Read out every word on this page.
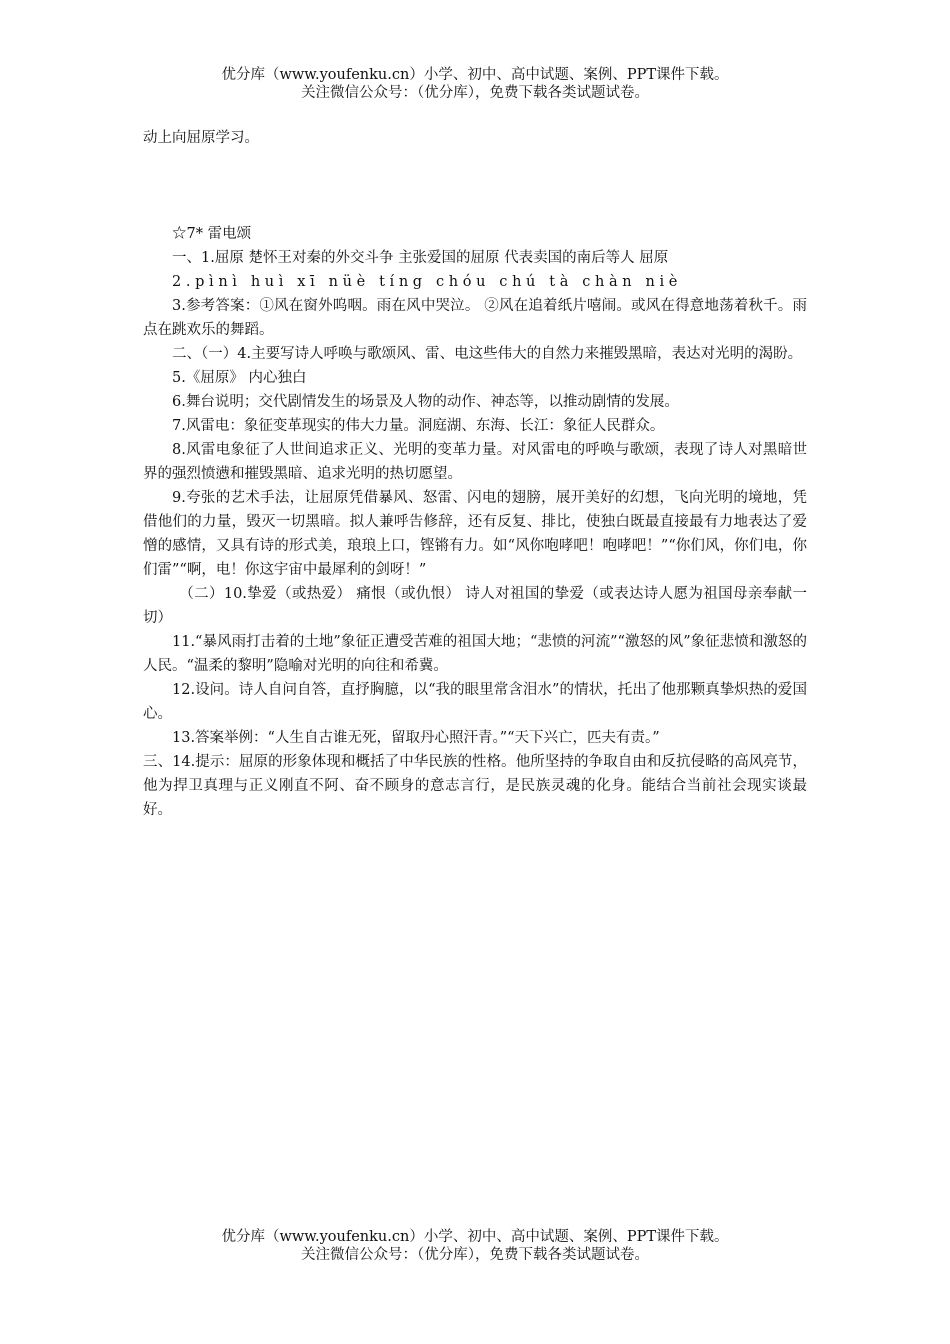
优分库（www.youfenku.cn）小学、初中、高中试题、案例、PPT课件下载。
关注微信公众号：（优分库），免费下载各类试题试卷。

动上向屈原学习。

☆7* 雷电颂

一、1.屈原 楚怀王对秦的外交斗争 主张爱国的屈原 代表卖国的南后等人 屈原

2.pìnì huì xī nüè tíng chóu chú tà chàn niè

3.参考答案：①风在窗外呜咽。雨在风中哭泣。 ②风在追着纸片嘻闹。或风在得意地荡着秋千。雨点在跳欢乐的舞蹈。

二、（一）4.主要写诗人呼唤与歌颂风、雷、电这些伟大的自然力来摧毁黑暗，表达对光明的渴盼。

5.《屈原》 内心独白

6.舞台说明；交代剧情发生的场景及人物的动作、神态等，以推动剧情的发展。

7.风雷电：象征变革现实的伟大力量。洞庭湖、东海、长江：象征人民群众。

8.风雷电象征了人世间追求正义、光明的变革力量。对风雷电的呼唤与歌颂，表现了诗人对黑暗世界的强烈愤懑和摧毁黑暗、追求光明的热切愿望。

9.夸张的艺术手法，让屈原凭借暴风、怒雷、闪电的翅膀，展开美好的幻想，飞向光明的境地，凭借他们的力量，毁灭一切黑暗。拟人兼呼告修辞，还有反复、排比，使独白既最直接最有力地表达了爱憎的感情，又具有诗的形式美，琅琅上口，铿锵有力。如“风你咆哮吧！咆哮吧！”“你们风，你们电，你们雷”“啊，电！你这宇宙中最犀利的剑呀！”

（二）10.挚爱（或热爱） 痛恨（或仇恨） 诗人对祖国的挚爱（或表达诗人愿为祖国母亲奉献一切）

11.“暴风雨打击着的土地”象征正遭受苦难的祖国大地；“悲愤的河流”“激怒的风”象征悲愤和激怒的人民。“温柔的黎明”隐喻对光明的向往和希冀。

12.设问。诗人自问自答，直抒胸臆，以“我的眼里常含泪水”的情状，托出了他那颗真挚炽热的爱国心。

13.答案举例：“人生自古谁无死，留取丹心照汗青。”“天下兴亡，匹夫有责。”

三、14.提示：屈原的形象体现和概括了中华民族的性格。他所坚持的争取自由和反抗侵略的高风亮节，他为捍卫真理与正义刚直不阿、奋不顾身的意志言行，是民族灵魂的化身。能结合当前社会现实谈最好。

优分库（www.youfenku.cn）小学、初中、高中试题、案例、PPT课件下载。
关注微信公众号：（优分库），免费下载各类试题试卷。
